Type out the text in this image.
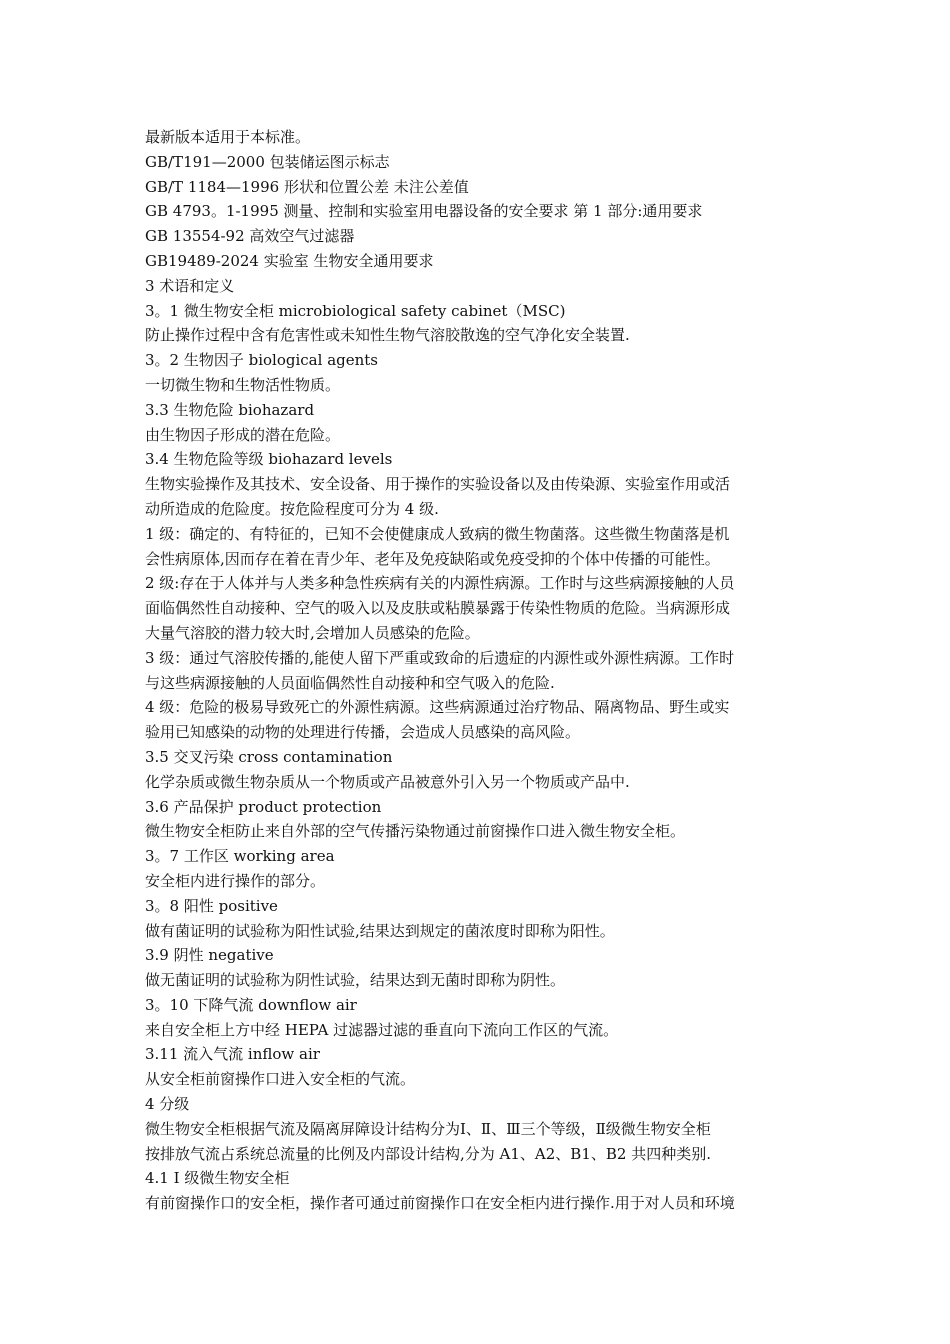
最新版本适用于本标准。

GB/T191—2000 包装储运图示标志

GB/T 1184—1996 形状和位置公差 未注公差值

GB 4793。1-1995 测量、控制和实验室用电器设备的安全要求 第 1 部分:通用要求

GB 13554-92 高效空气过滤器

GB19489-2024 实验室 生物安全通用要求

3 术语和定义

3。1 微生物安全柜 microbiological safety cabinet（MSC)

防止操作过程中含有危害性或未知性生物气溶胶散逸的空气净化安全装置.

3。2 生物因子 biological agents

一切微生物和生物活性物质。

3.3 生物危险 biohazard

由生物因子形成的潜在危险。

3.4 生物危险等级 biohazard levels

生物实验操作及其技术、安全设备、用于操作的实验设备以及由传染源、实验室作用或活

动所造成的危险度。按危险程度可分为 4 级.

1 级：确定的、有特征的，已知不会使健康成人致病的微生物菌落。这些微生物菌落是机

会性病原体,因而存在着在青少年、老年及免疫缺陷或免疫受抑的个体中传播的可能性。

2 级:存在于人体并与人类多种急性疾病有关的内源性病源。工作时与这些病源接触的人员

面临偶然性自动接种、空气的吸入以及皮肤或粘膜暴露于传染性物质的危险。当病源形成

大量气溶胶的潜力较大时,会增加人员感染的危险。

3 级：通过气溶胶传播的,能使人留下严重或致命的后遗症的内源性或外源性病源。工作时

与这些病源接触的人员面临偶然性自动接种和空气吸入的危险.

4 级：危险的极易导致死亡的外源性病源。这些病源通过治疗物品、隔离物品、野生或实

验用已知感染的动物的处理进行传播，会造成人员感染的高风险。

3.5 交叉污染 cross contamination

化学杂质或微生物杂质从一个物质或产品被意外引入另一个物质或产品中.

3.6 产品保护 product protection

微生物安全柜防止来自外部的空气传播污染物通过前窗操作口进入微生物安全柜。

3。7 工作区 working area

安全柜内进行操作的部分。

3。8 阳性 positive

做有菌证明的试验称为阳性试验,结果达到规定的菌浓度时即称为阳性。

3.9 阴性 negative

做无菌证明的试验称为阴性试验，结果达到无菌时即称为阴性。

3。10 下降气流 downflow air

来自安全柜上方中经 HEPA 过滤器过滤的垂直向下流向工作区的气流。

3.11 流入气流 inflow air

从安全柜前窗操作口进入安全柜的气流。

4 分级

微生物安全柜根据气流及隔离屏障设计结构分为Ⅰ、Ⅱ、Ⅲ三个等级，Ⅱ级微生物安全柜

按排放气流占系统总流量的比例及内部设计结构,分为 A1、A2、B1、B2 共四种类别.

4.1 Ⅰ 级微生物安全柜

有前窗操作口的安全柜，操作者可通过前窗操作口在安全柜内进行操作.用于对人员和环境
